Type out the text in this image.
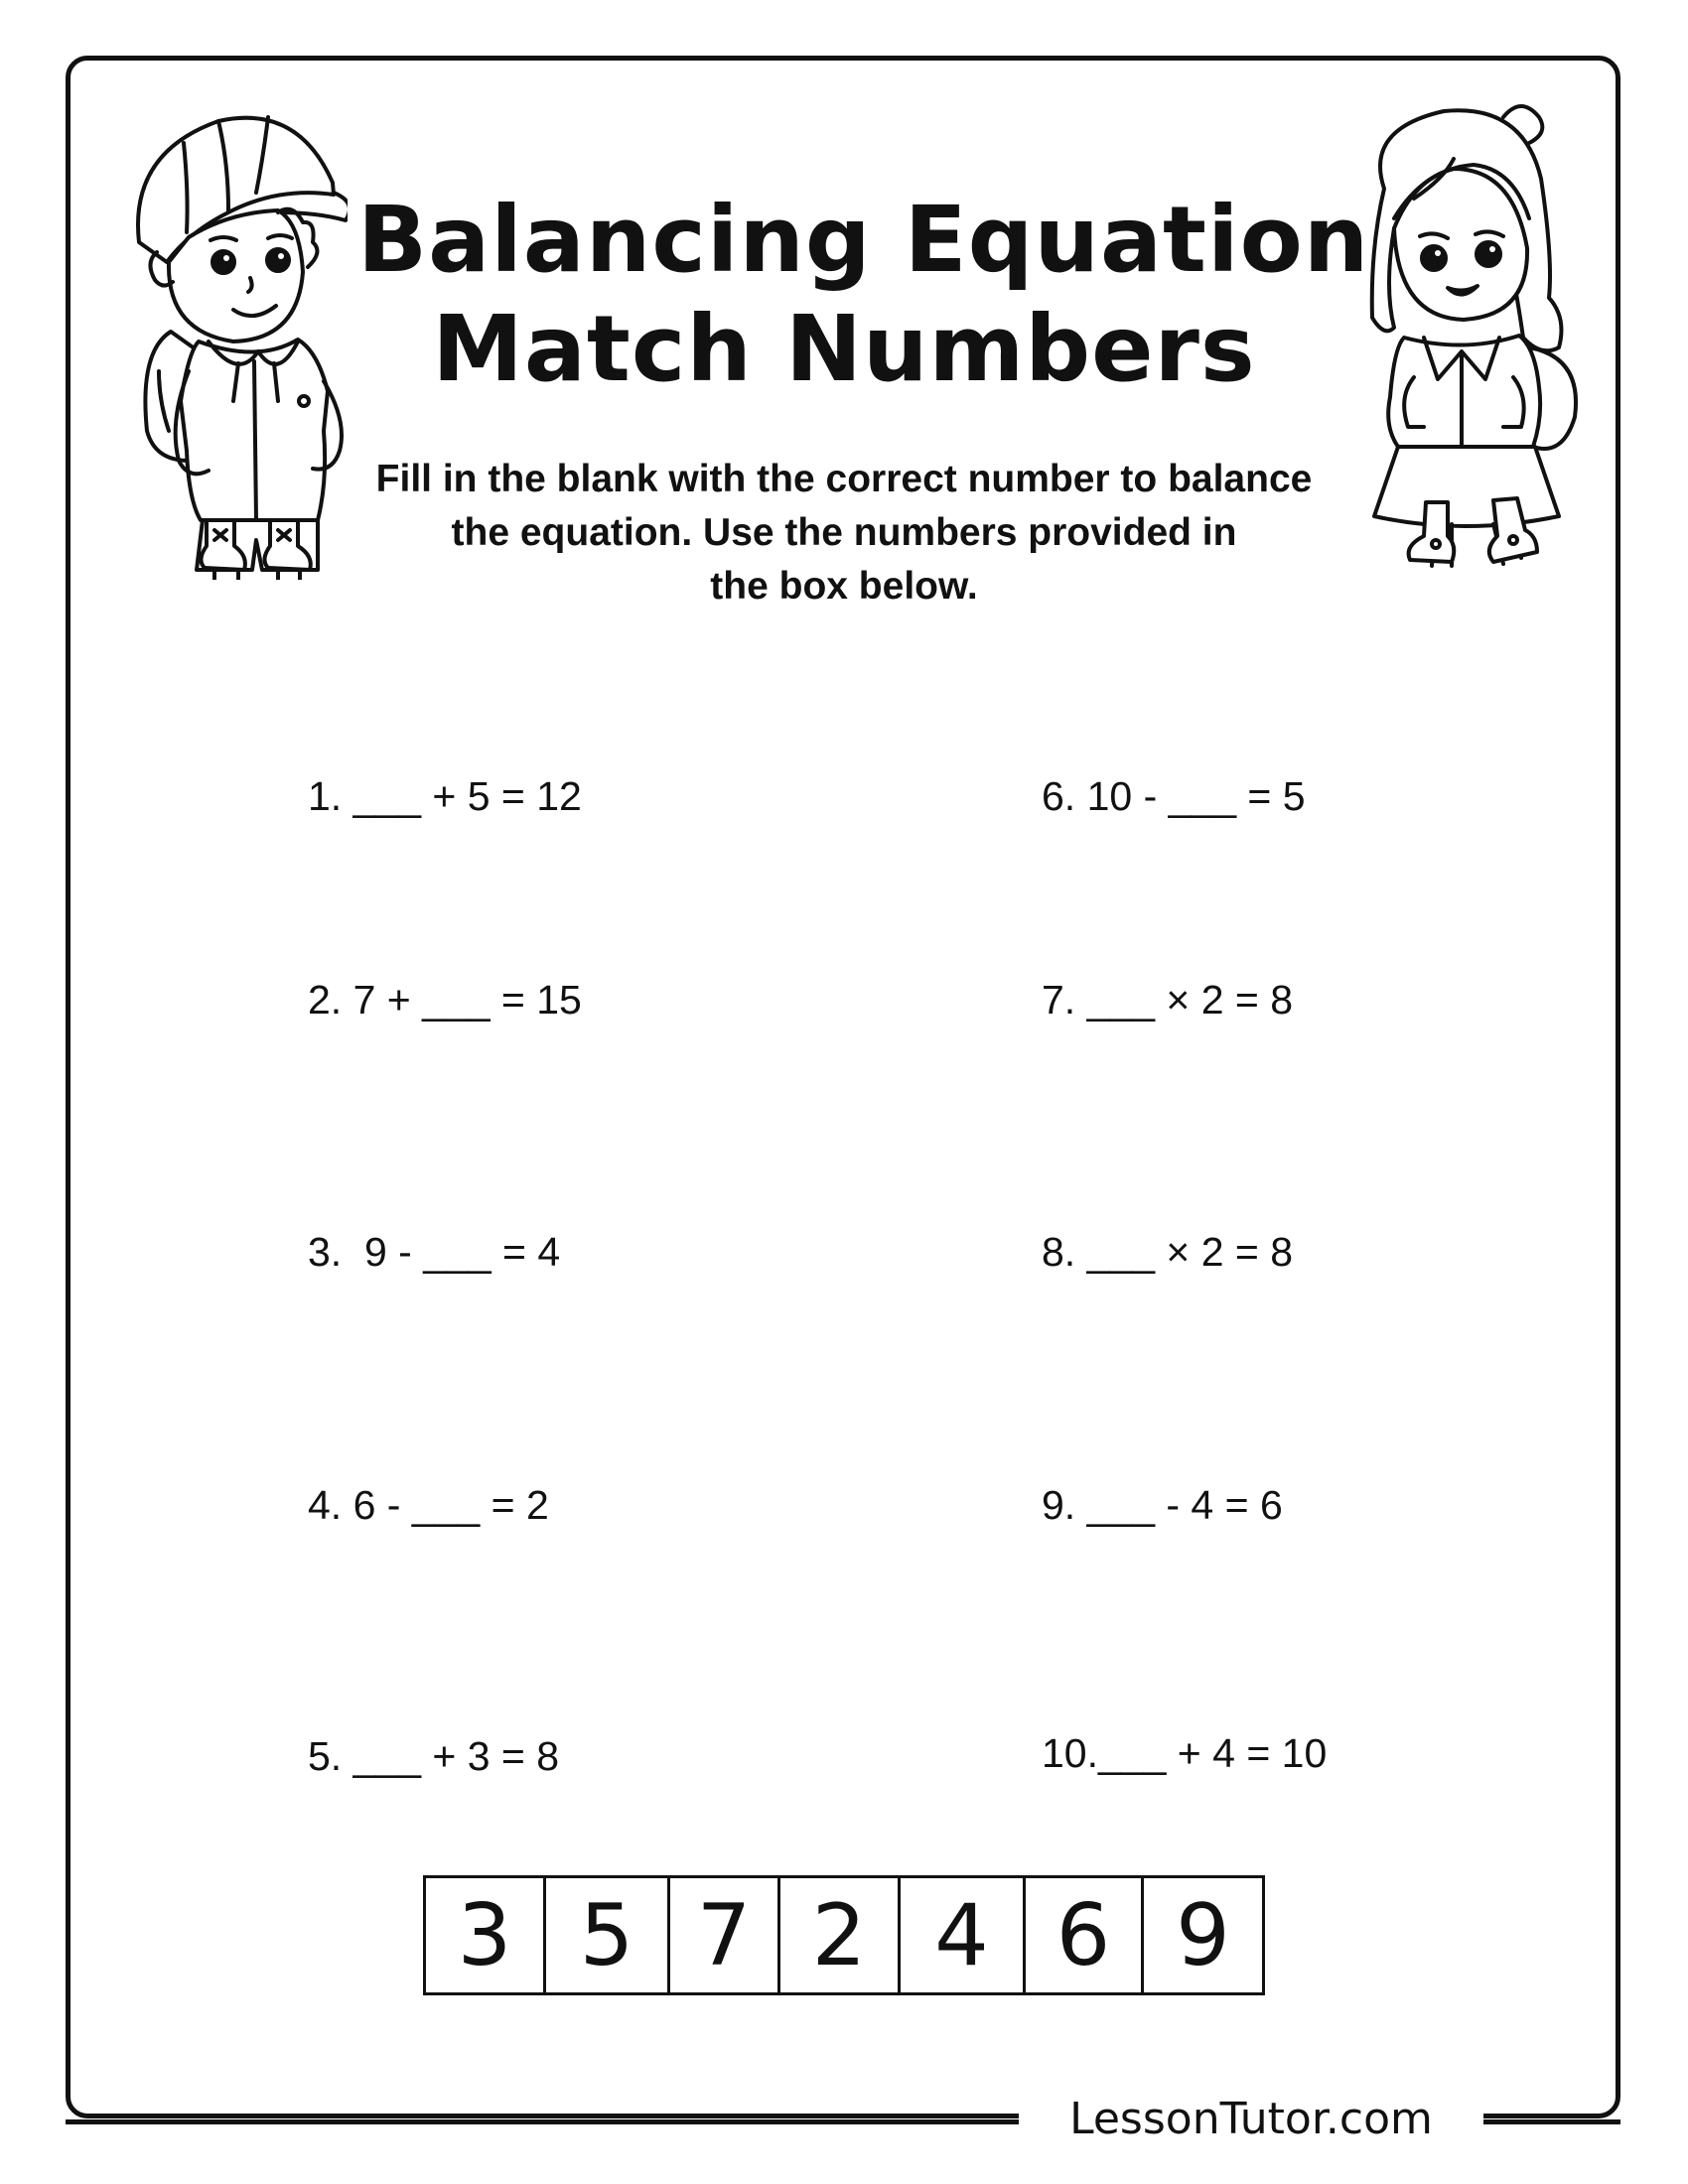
Balancing Equation
Match Numbers
Fill in the blank with the correct number to balance
the equation. Use the numbers provided in
the box below.
1. ___ + 5 = 12
2. 7 + ___ = 15
3.  9 - ___ = 4
4. 6 - ___ = 2
5. ___ + 3 = 8
6. 10 - ___ = 5
7. ___ × 2 = 8
8. ___ × 2 = 8
9. ___ - 4 = 6
10.___ + 4 = 10
3 5 7 2 4 6 9
LessonTutor.com
